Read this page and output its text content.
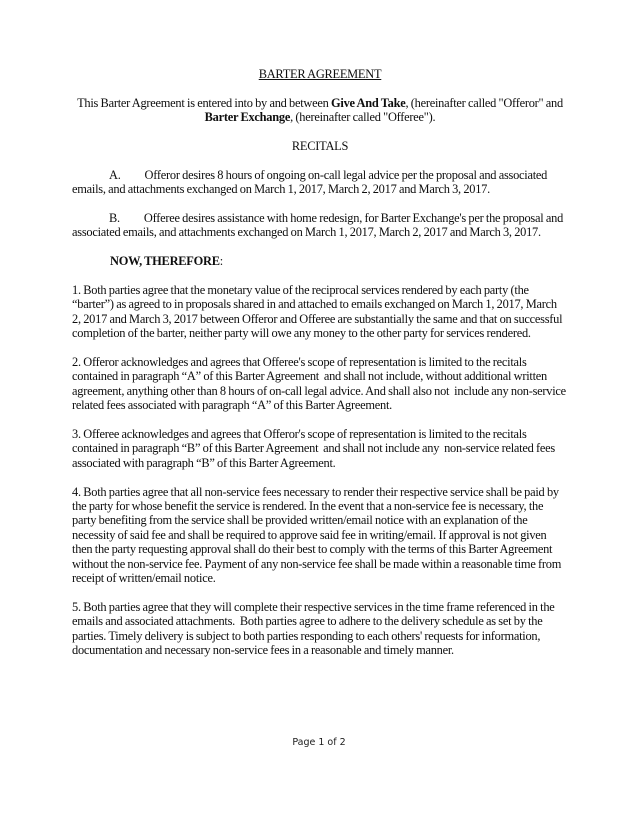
BARTER AGREEMENT

This Barter Agreement is entered into by and between Give And Take, (hereinafter called "Offeror" and Barter Exchange, (hereinafter called "Offeree").

RECITALS

A. Offeror desires 8 hours of ongoing on-call legal advice per the proposal and associated emails, and attachments exchanged on March 1, 2017, March 2, 2017 and March 3, 2017.

B. Offeree desires assistance with home redesign, for Barter Exchange's per the proposal and associated emails, and attachments exchanged on March 1, 2017, March 2, 2017 and March 3, 2017.

NOW, THEREFORE:

1. Both parties agree that the monetary value of the reciprocal services rendered by each party (the “barter”) as agreed to in proposals shared in and attached to emails exchanged on March 1, 2017, March 2, 2017 and March 3, 2017 between Offeror and Offeree are substantially the same and that on successful completion of the barter, neither party will owe any money to the other party for services rendered.

2. Offeror acknowledges and agrees that Offeree's scope of representation is limited to the recitals contained in paragraph “A” of this Barter Agreement  and shall not include, without additional written agreement, anything other than 8 hours of on-call legal advice. And shall also not  include any non-service related fees associated with paragraph “A” of this Barter Agreement.

3. Offeree acknowledges and agrees that Offeror's scope of representation is limited to the recitals contained in paragraph “B” of this Barter Agreement  and shall not include any  non-service related fees associated with paragraph “B” of this Barter Agreement.

4. Both parties agree that all non-service fees necessary to render their respective service shall be paid by the party for whose benefit the service is rendered. In the event that a non-service fee is necessary, the party benefiting from the service shall be provided written/email notice with an explanation of the necessity of said fee and shall be required to approve said fee in writing/email. If approval is not given then the party requesting approval shall do their best to comply with the terms of this Barter Agreement without the non-service fee. Payment of any non-service fee shall be made within a reasonable time from receipt of written/email notice.

5. Both parties agree that they will complete their respective services in the time frame referenced in the emails and associated attachments.  Both parties agree to adhere to the delivery schedule as set by the parties. Timely delivery is subject to both parties responding to each others' requests for information, documentation and necessary non-service fees in a reasonable and timely manner.

Page 1 of 2
